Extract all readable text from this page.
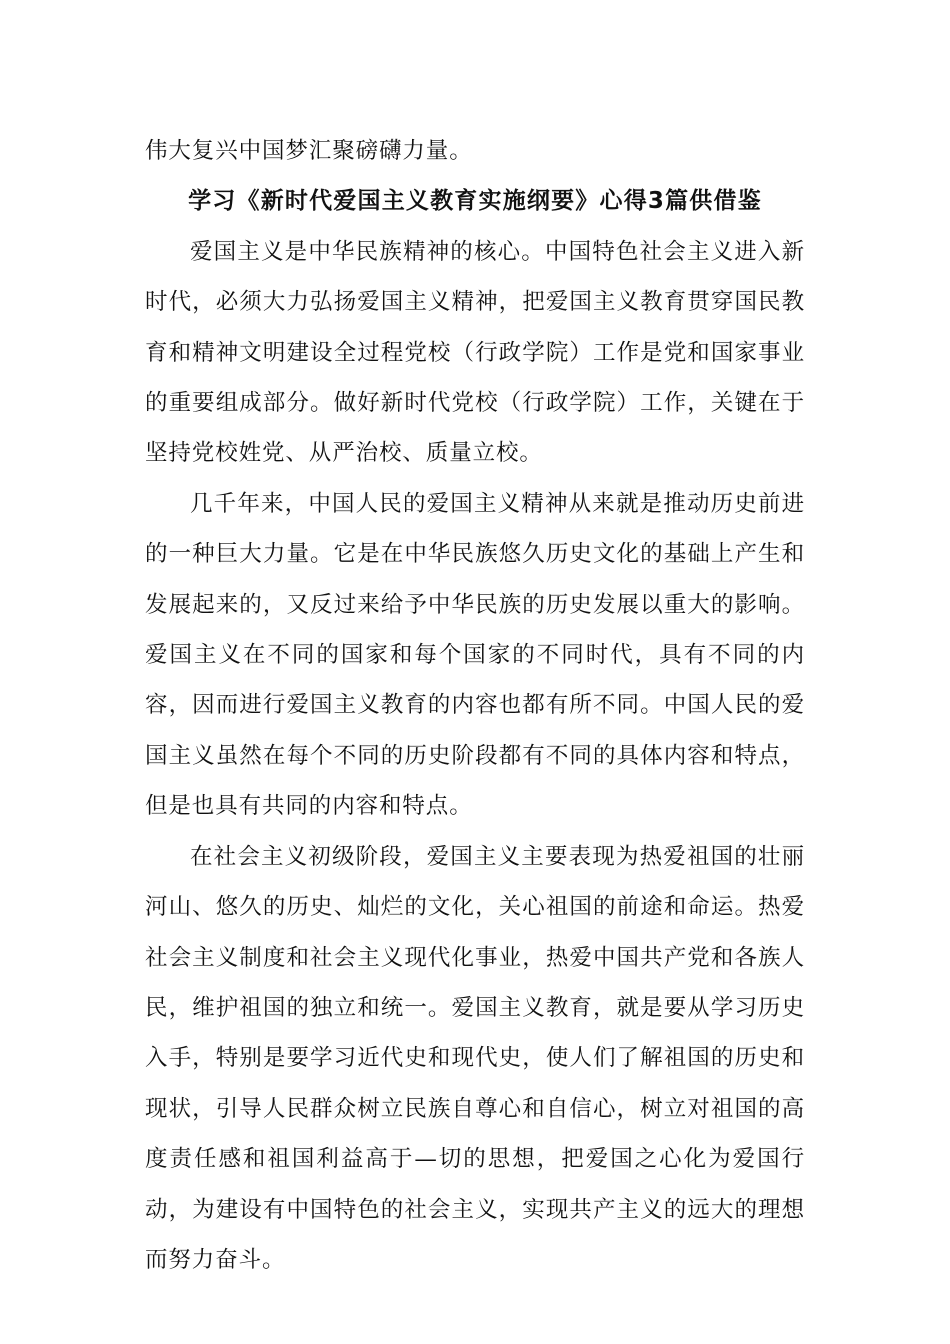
伟大复兴中国梦汇聚磅礴力量。

学习《新时代爱国主义教育实施纲要》心得3篇供借鉴

爱国主义是中华民族精神的核心。中国特色社会主义进入新时代，必须大力弘扬爱国主义精神，把爱国主义教育贯穿国民教育和精神文明建设全过程党校（行政学院）工作是党和国家事业的重要组成部分。做好新时代党校（行政学院）工作，关键在于坚持党校姓党、从严治校、质量立校。

几千年来，中国人民的爱国主义精神从来就是推动历史前进的一种巨大力量。它是在中华民族悠久历史文化的基础上产生和发展起来的，又反过来给予中华民族的历史发展以重大的影响。爱国主义在不同的国家和每个国家的不同时代，具有不同的内容，因而进行爱国主义教育的内容也都有所不同。中国人民的爱国主义虽然在每个不同的历史阶段都有不同的具体内容和特点，但是也具有共同的内容和特点。

在社会主义初级阶段，爱国主义主要表现为热爱祖国的壮丽河山、悠久的历史、灿烂的文化，关心祖国的前途和命运。热爱社会主义制度和社会主义现代化事业，热爱中国共产党和各族人民，维护祖国的独立和统一。爱国主义教育，就是要从学习历史入手，特别是要学习近代史和现代史，使人们了解祖国的历史和现状，引导人民群众树立民族自尊心和自信心，树立对祖国的高度责任感和祖国利益高于—切的思想，把爱国之心化为爱国行动，为建设有中国特色的社会主义，实现共产主义的远大的理想而努力奋斗。
